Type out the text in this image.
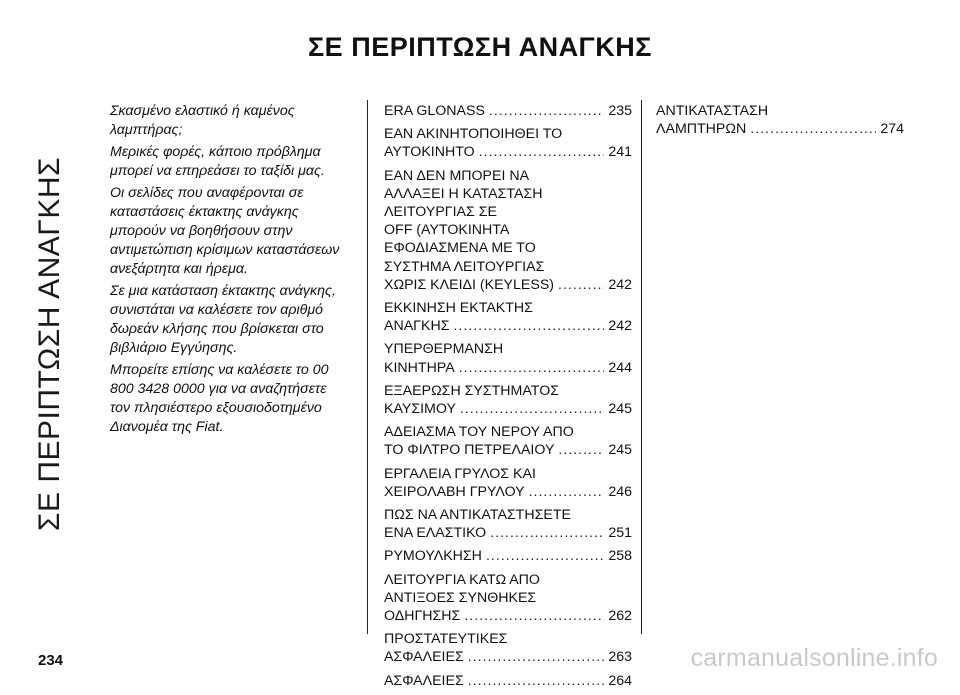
ΣΕ ΠΕΡΙΠΤΩΣΗ ΑΝΑΓΚΗΣ
ΣΕ ΠΕΡΙΠΤΩΣΗ ΑΝΑΓΚΗΣ

Σκασμένο ελαστικό ή καμένος λαμπτήρας;

Μερικές φορές, κάποιο πρόβλημα μπορεί να επηρεάσει το ταξίδι μας.

Οι σελίδες που αναφέρονται σε καταστάσεις έκτακτης ανάγκης μπορούν να βοηθήσουν στην αντιμετώπιση κρίσιμων καταστάσεων ανεξάρτητα και ήρεμα.

Σε μια κατάσταση έκτακτης ανάγκης, συνιστάται να καλέσετε τον αριθμό δωρεάν κλήσης που βρίσκεται στο βιβλιάριο Εγγύησης.

Μπορείτε επίσης να καλέσετε το 00 800 3428 0000 για να αναζητήσετε τον πλησιέστερο εξουσιοδοτημένο Διανομέα της Fiat.

ERA GLONASS .....	235
ΕΑΝ ΑΚΙΝΗΤΟΠΟΙΗΘΕΙ ΤΟ
ΑΥΤΟΚΙΝΗΤΟ .....	241
ΕΑΝ ΔΕΝ ΜΠΟΡΕΙ ΝΑ
ΑΛΛΑΞΕΙ Η ΚΑΤΑΣΤΑΣΗ
ΛΕΙΤΟΥΡΓΙΑΣ ΣΕ
OFF (ΑΥΤΟΚΙΝΗΤΑ
ΕΦΟΔΙΑΣΜΕΝΑ ΜΕ ΤΟ
ΣΥΣΤΗΜΑ ΛΕΙΤΟΥΡΓΙΑΣ
ΧΩΡΙΣ ΚΛΕΙΔΙ (KEYLESS) .....	242
ΕΚΚΙΝΗΣΗ ΕΚΤΑΚΤΗΣ
ΑΝΑΓΚΗΣ .....	242
ΥΠΕΡΘΕΡΜΑΝΣΗ
ΚΙΝΗΤΗΡΑ .....	244
ΕΞΑΕΡΩΣΗ ΣΥΣΤΗΜΑΤΟΣ
ΚΑΥΣΙΜΟΥ .....	245
ΑΔΕΙΑΣΜΑ ΤΟΥ ΝΕΡΟΥ ΑΠΟ
ΤΟ ΦΙΛΤΡΟ ΠΕΤΡΕΛΑΙΟΥ .....	245
ΕΡΓΑΛΕΙΑ ΓΡΥΛΟΣ ΚΑΙ
ΧΕΙΡΟΛΑΒΗ ΓΡΥΛΟΥ .....	246
ΠΩΣ ΝΑ ΑΝΤΙΚΑΤΑΣΤΗΣΕΤΕ
ΕΝΑ ΕΛΑΣΤΙΚΟ .....	251
ΡΥΜΟΥΛΚΗΣΗ .....	258
ΛΕΙΤΟΥΡΓΙΑ ΚΑΤΩ ΑΠΟ
ΑΝΤΙΞΟΕΣ ΣΥΝΘΗΚΕΣ
ΟΔΗΓΗΣΗΣ .....	262
ΠΡΟΣΤΑΤΕΥΤΙΚΕΣ
ΑΣΦΑΛΕΙΕΣ .....	263
ΑΣΦΑΛΕΙΕΣ .....	264
ΑΝΤΙΚΑΤΑΣΤΑΣΗ
ΛΑΜΠΤΗΡΩΝ .....	274
234	carmanualsonline.info
